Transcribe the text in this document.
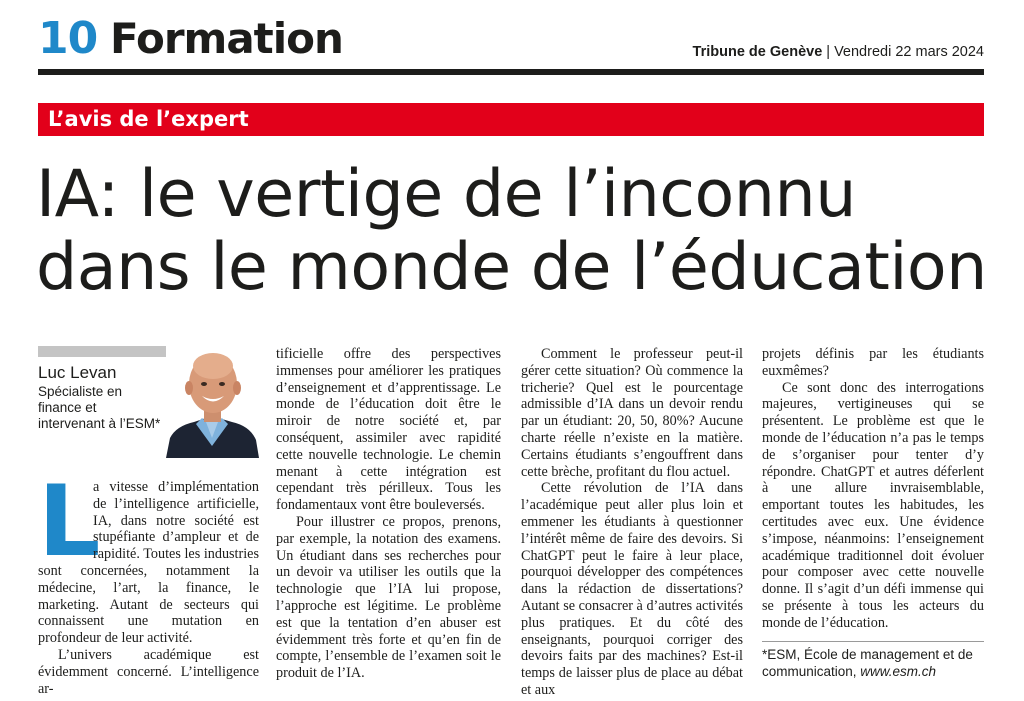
10 Formation	Tribune de Genève | Vendredi 22 mars 2024
L’avis de l’expert
IA: le vertige de l’inconnu
dans le monde de l’éducation
Luc Levan
Spécialiste en finance et intervenant à l’ESM*
L

a vitesse d’implémentation de l’intelligence artificielle, IA, dans notre société est stupéfiante d’ampleur et de rapidité. Toutes les industries sont concernées, notamment la médecine, l’art, la finance, le marketing. Autant de secteurs qui connaissent une mutation en profondeur de leur activité.

L’univers académique est évidemment concerné. L’intelligence ar-

tificielle offre des perspectives immenses pour améliorer les pratiques d’enseignement et d’apprentissage. Le monde de l’éducation doit être le miroir de notre société et, par conséquent, assimiler avec rapidité cette nouvelle technologie. Le chemin menant à cette intégration est cependant très périlleux. Tous les fondamentaux vont être bouleversés.

Pour illustrer ce propos, prenons, par exemple, la notation des examens. Un étudiant dans ses recherches pour un devoir va utiliser les outils que la technologie que l’IA lui propose, l’approche est légitime. Le problème est que la tentation d’en abuser est évidemment très forte et qu’en fin de compte, l’ensemble de l’examen soit le produit de l’IA.

Comment le professeur peut-il gérer cette situation? Où commence la tricherie? Quel est le pourcentage admissible d’IA dans un devoir rendu par un étudiant: 20, 50, 80%? Aucune charte réelle n’existe en la matière. Certains étudiants s’engouffrent dans cette brèche, profitant du flou actuel.

Cette révolution de l’IA dans l’académique peut aller plus loin et emmener les étudiants à questionner l’intérêt même de faire des devoirs. Si ChatGPT peut le faire à leur place, pourquoi développer des compétences dans la rédaction de dissertations? Autant se consacrer à d’autres activités plus pratiques. Et du côté des enseignants, pourquoi corriger des devoirs faits par des machines? Est-il temps de laisser plus de place au débat et aux

projets définis par les étudiants euxmêmes?

Ce sont donc des interrogations majeures, vertigineuses qui se présentent. Le problème est que le monde de l’éducation n’a pas le temps de s’organiser pour tenter d’y répondre. ChatGPT et autres déferlent à une allure invraisemblable, emportant toutes les habitudes, les certitudes avec eux. Une évidence s’impose, néanmoins: l’enseignement académique traditionnel doit évoluer pour composer avec cette nouvelle donne. Il s’agit d’un défi immense qui se présente à tous les acteurs du monde de l’éducation.

*ESM, École de management et de communication, www.esm.ch
